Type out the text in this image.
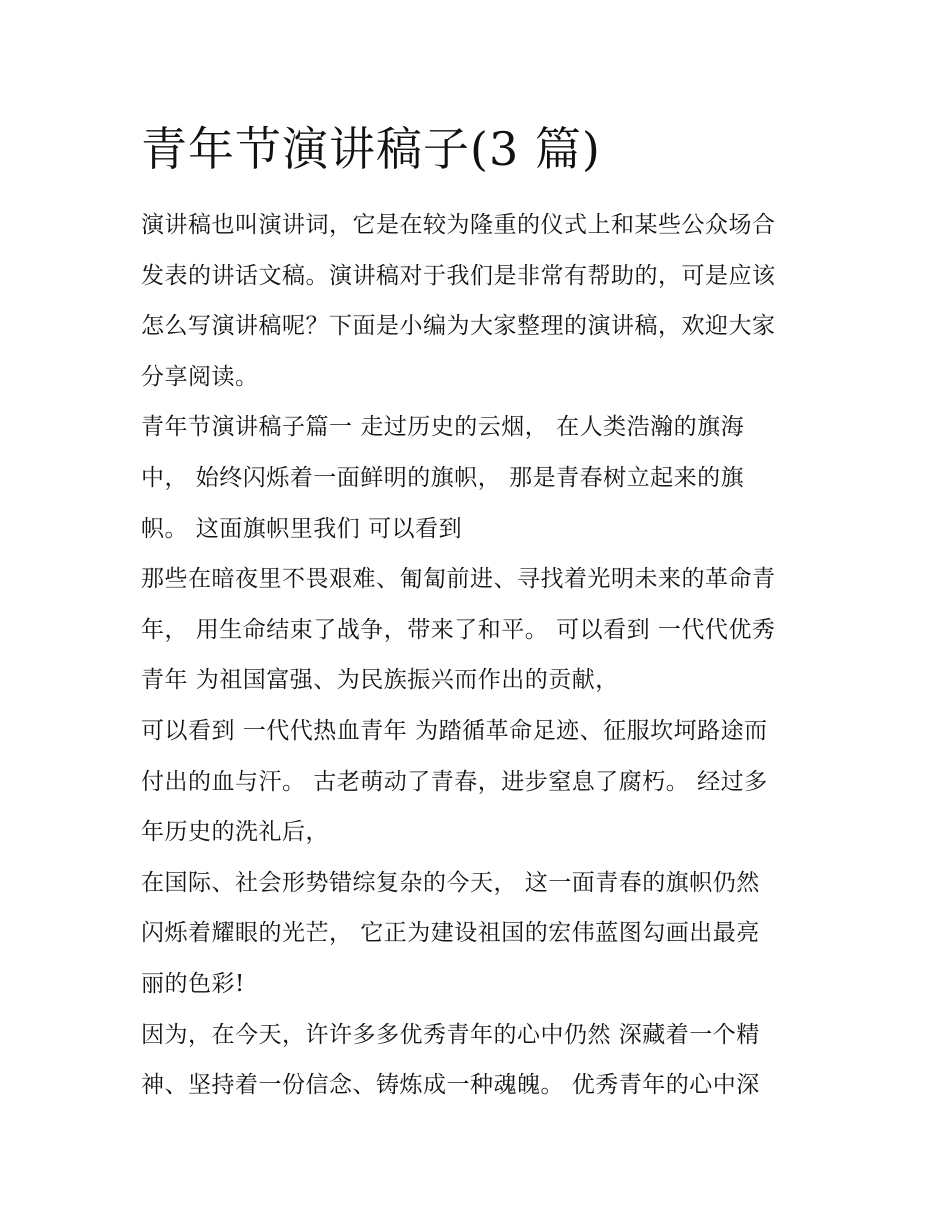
青年节演讲稿子(3 篇)
演讲稿也叫演讲词，它是在较为隆重的仪式上和某些公众场合
发表的讲话文稿。演讲稿对于我们是非常有帮助的，可是应该
怎么写演讲稿呢？下面是小编为大家整理的演讲稿，欢迎大家
分享阅读。
青年节演讲稿子篇一 走过历史的云烟， 在人类浩瀚的旗海
中， 始终闪烁着一面鲜明的旗帜， 那是青春树立起来的旗
帜。 这面旗帜里我们 可以看到
那些在暗夜里不畏艰难、匍匐前进、寻找着光明未来的革命青
年， 用生命结束了战争，带来了和平。 可以看到 一代代优秀
青年 为祖国富强、为民族振兴而作出的贡献，
可以看到 一代代热血青年 为踏循革命足迹、征服坎坷路途而
付出的血与汗。 古老萌动了青春，进步窒息了腐朽。 经过多
年历史的洗礼后，
在国际、社会形势错综复杂的今天， 这一面青春的旗帜仍然
闪烁着耀眼的光芒， 它正为建设祖国的宏伟蓝图勾画出最亮
丽的色彩!
因为，在今天，许许多多优秀青年的心中仍然 深藏着一个精
神、坚持着一份信念、铸炼成一种魂魄。 优秀青年的心中深
